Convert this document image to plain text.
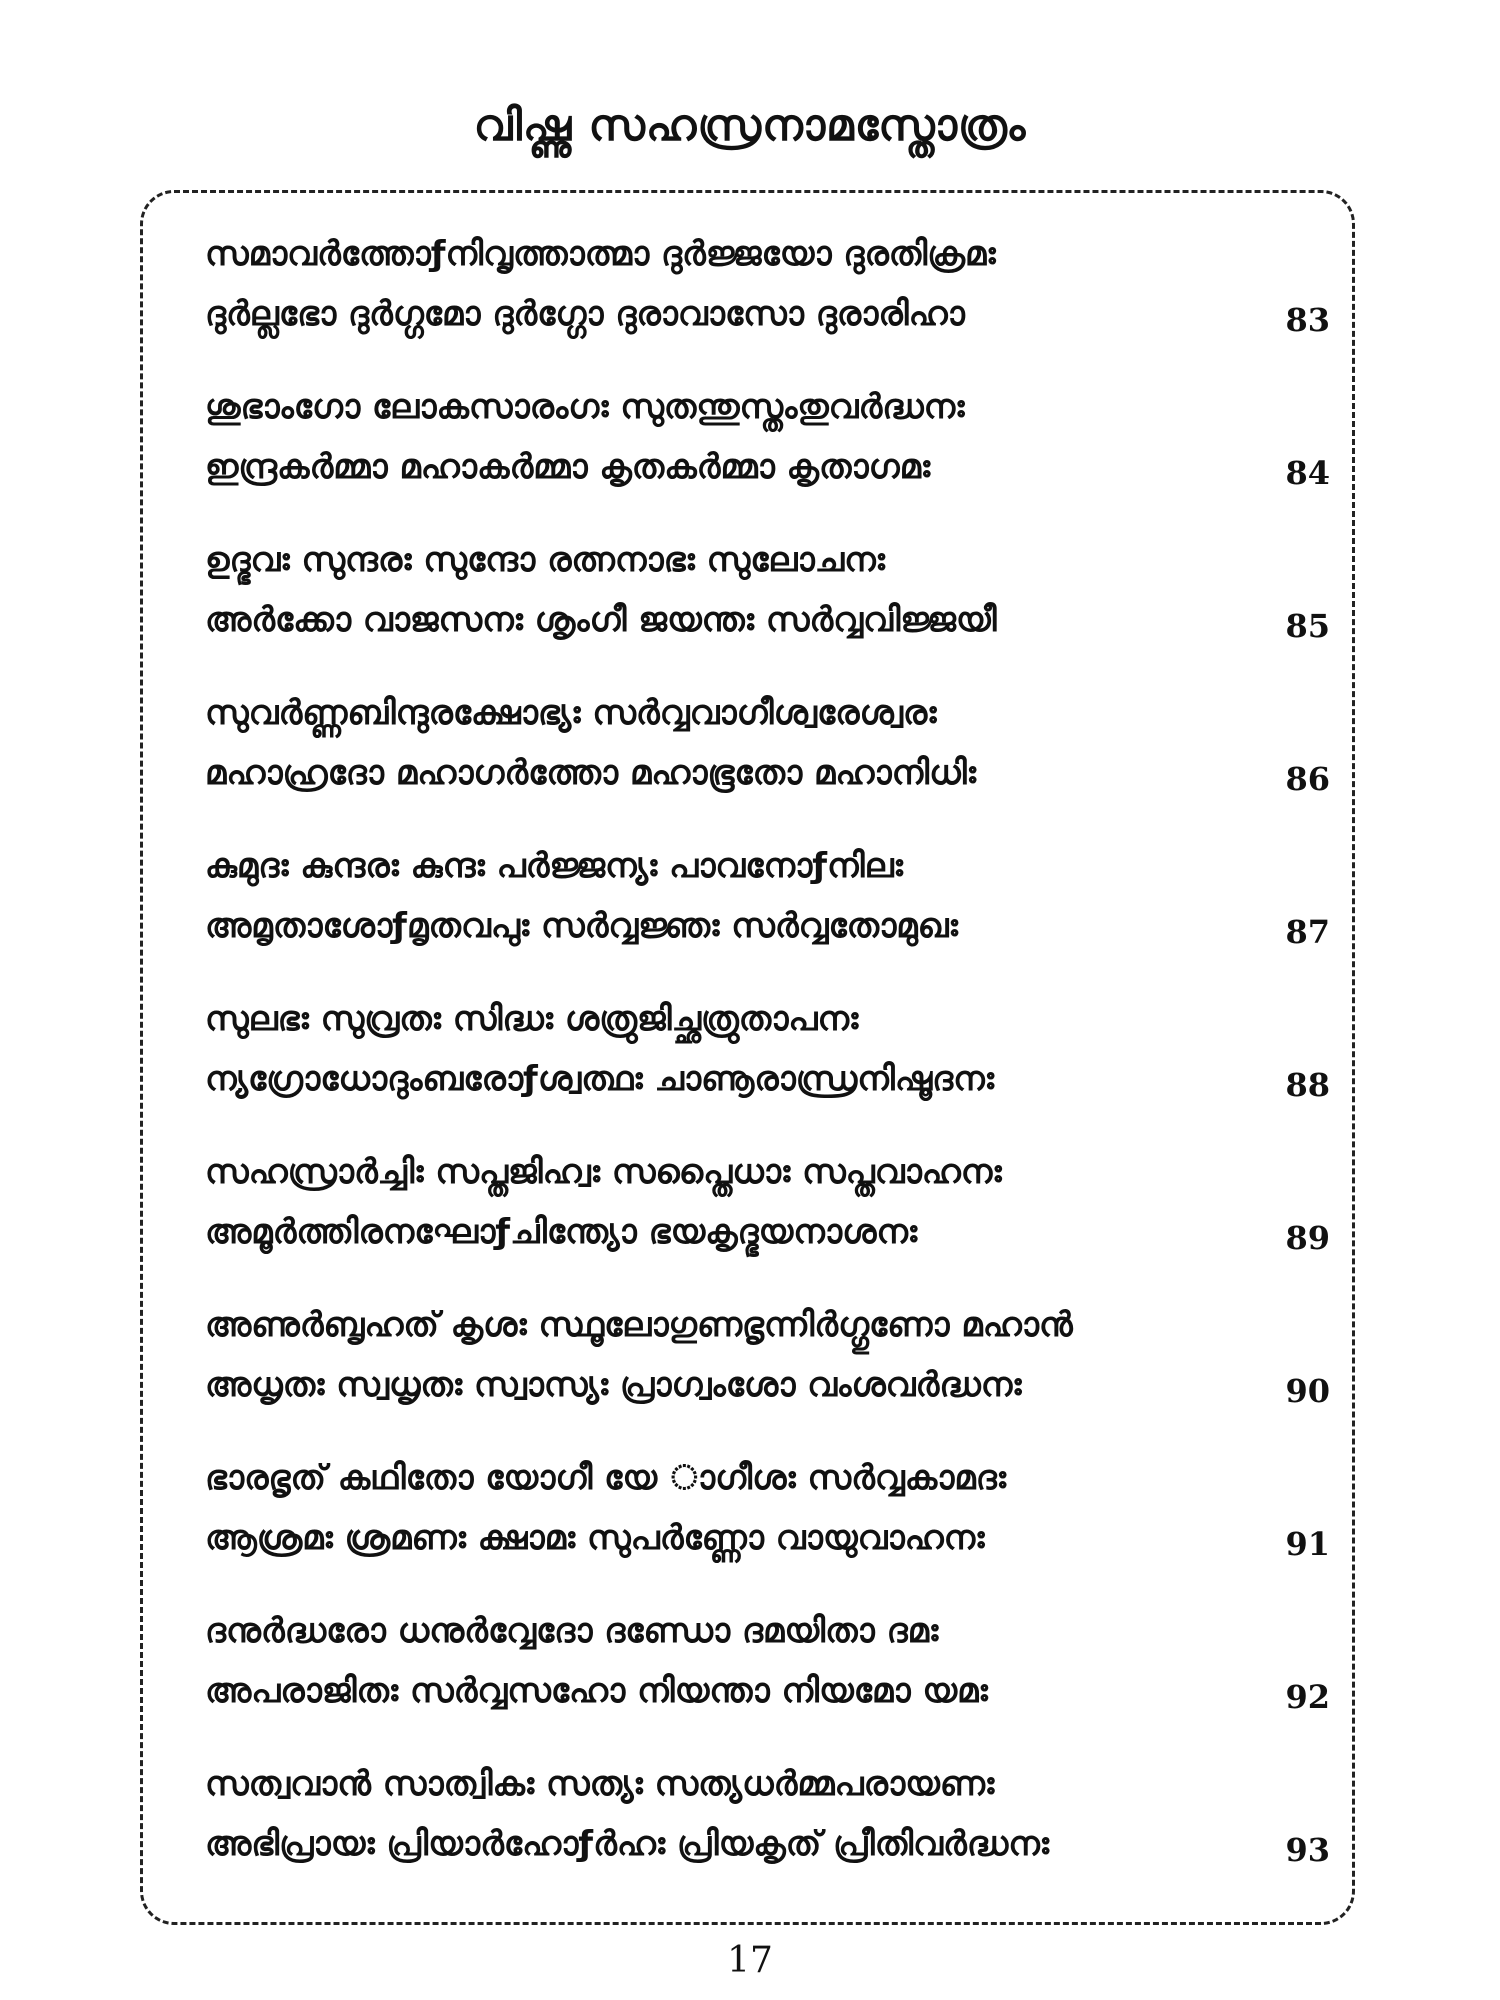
വിഷ്ണു സഹസ്രനാമസ്തോത്രം
സമാവർത്തോƒനിവൃത്താത്മാ ദുർജ്ജയോ ദുരതിക്രമഃ
ദുർല്ലഭോ ദുർഗ്ഗമോ ദുർഗ്ഗോ ദുരാവാസോ ദുരാരിഹാ	83
ശുഭാംഗോ ലോകസാരംഗഃ സുതന്തുസ്തംതുവർദ്ധനഃ
ഇന്ദ്രകർമ്മാ മഹാകർമ്മാ കൃതകർമ്മാ കൃതാഗമഃ	84
ഉദ്ഭവഃ സുന്ദരഃ സുന്ദോ രത്നനാഭഃ സുലോചനഃ
അർക്കോ വാജസനഃ ശൃംഗീ ജയന്തഃ സർവ്വവിജ്ജയീ	85
സുവർണ്ണബിന്ദുരക്ഷോഭ്യഃ സർവ്വവാഗീശ്വരേശ്വരഃ
മഹാഹ്രദോ മഹാഗർത്തോ മഹാഭൂതോ മഹാനിധിഃ	86
കുമുദഃ കുന്ദരഃ കുന്ദഃ പർജ്ജന്യഃ പാവനോƒനിലഃ
അമൃതാശോƒമൃതവപുഃ സർവ്വജ്ഞഃ സർവ്വതോമുഖഃ	87
സുലഭഃ സുവ്രതഃ സിദ്ധഃ ശത്രുജിച്ഛത്രുതാപനഃ
ന്യഗ്രോധോദുംബരോƒശ്വത്ഥഃ ചാണൂരാന്ധ്രനിഷൂദനഃ	88
സഹസ്രാർച്ചിഃ സപ്തജിഹ്വഃ സപ്തൈധാഃ സപ്തവാഹനഃ
അമൂർത്തിരനഘോƒചിന്ത്യോ ഭയകൃദ്ഭയനാശനഃ	89
അണുർബൃഹത് കൃശഃ സ്ഥൂലോഗുണഭൃന്നിർഗ്ഗുണോ മഹാൻ
അധൃതഃ സ്വധൃതഃ സ്വാസ്യഃ പ്രാഗ്വംശോ വംശവർദ്ധനഃ	90
ഭാരഭൃത് കഥിതോ യോഗീ യേ ാഗീശഃ സർവ്വകാമദഃ
ആശ്രമഃ ശ്രമണഃ ക്ഷാമഃ സുപർണ്ണോ വായുവാഹനഃ	91
ദനുർദ്ധരോ ധനുർവ്വേദോ ദണ്ഡോ ദമയിതാ ദമഃ
അപരാജിതഃ സർവ്വസഹോ നിയന്താ നിയമോ യമഃ	92
സത്വവാൻ സാത്വികഃ സത്യഃ സത്യധർമ്മപരായണഃ
അഭിപ്രായഃ പ്രിയാർഹോƒർഹഃ പ്രിയകൃത് പ്രീതിവർദ്ധനഃ	93
17
